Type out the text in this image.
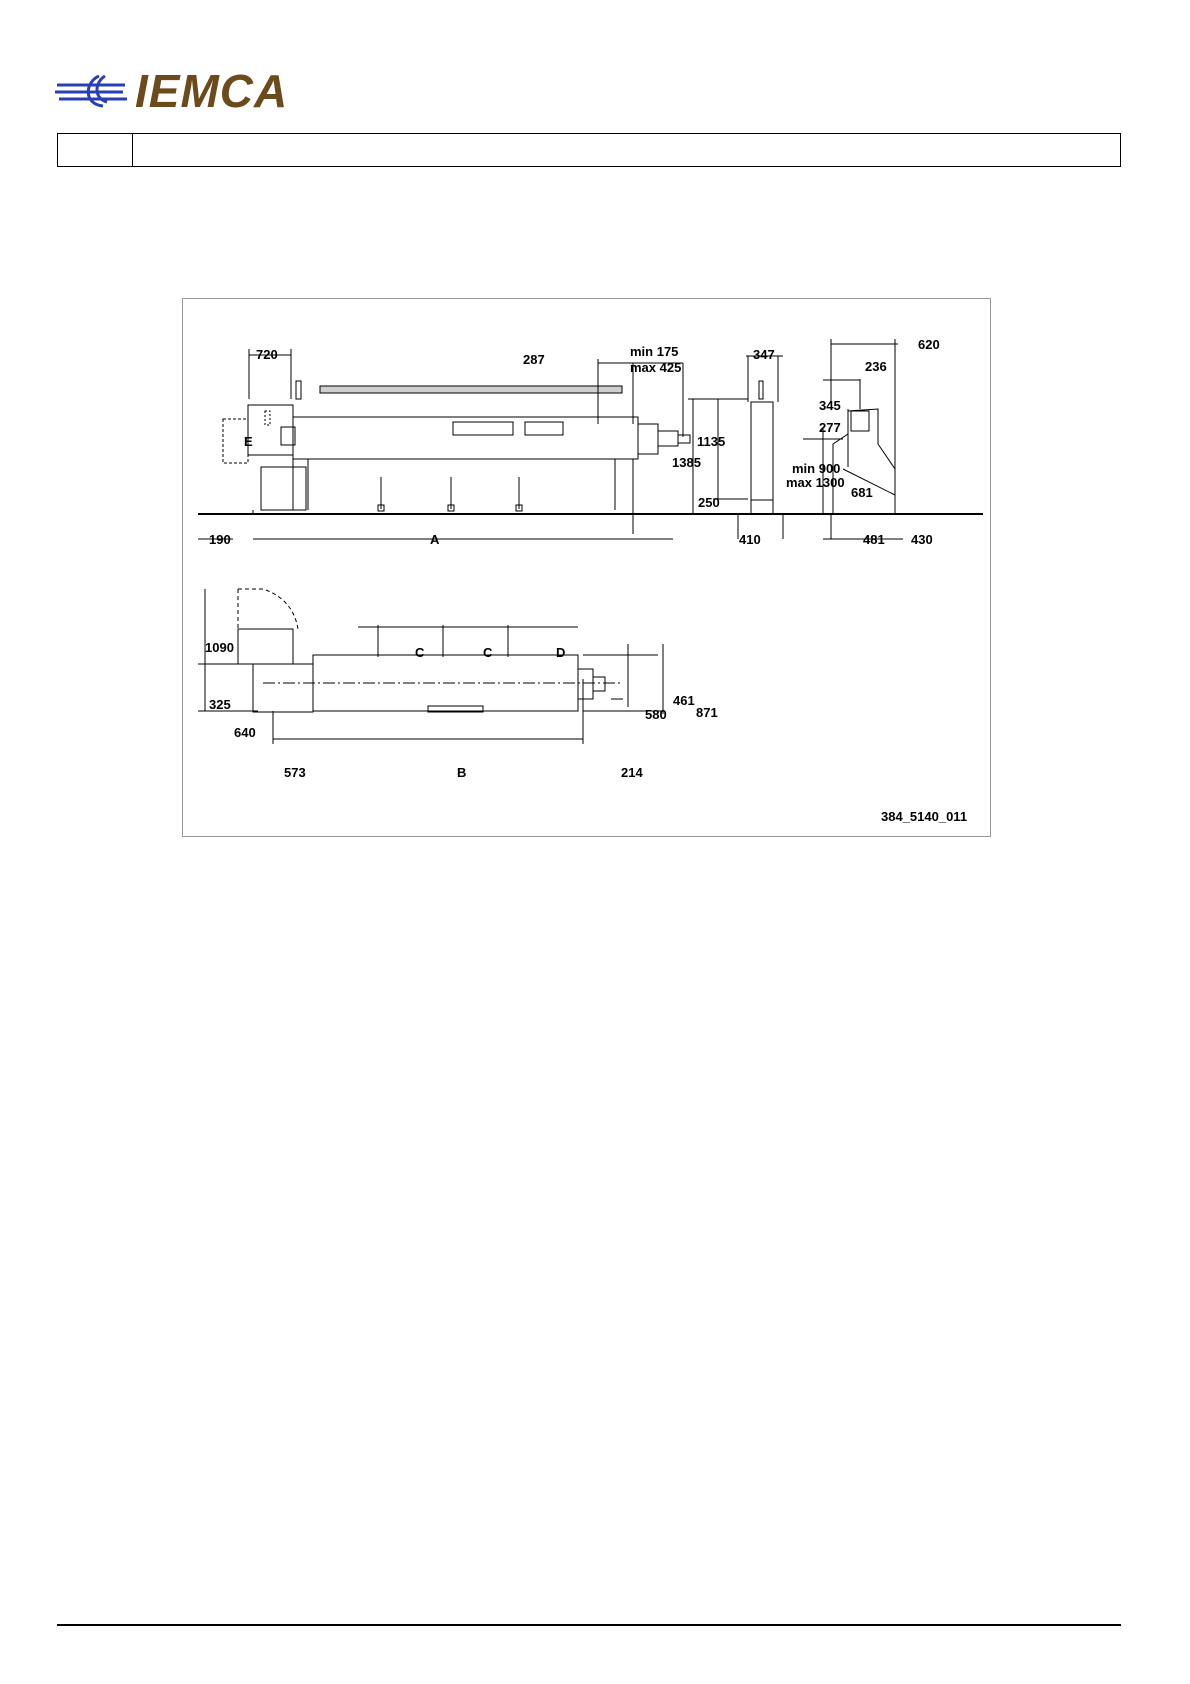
IEMCA
720	287
min 175
max 425
347
1135
1385
250
190	A	410
E
620
236
345
277
min 900
max 1300
681
481 430
1090
325
640
573	B	214
C	C	D
461
580 871
384_5140_011
